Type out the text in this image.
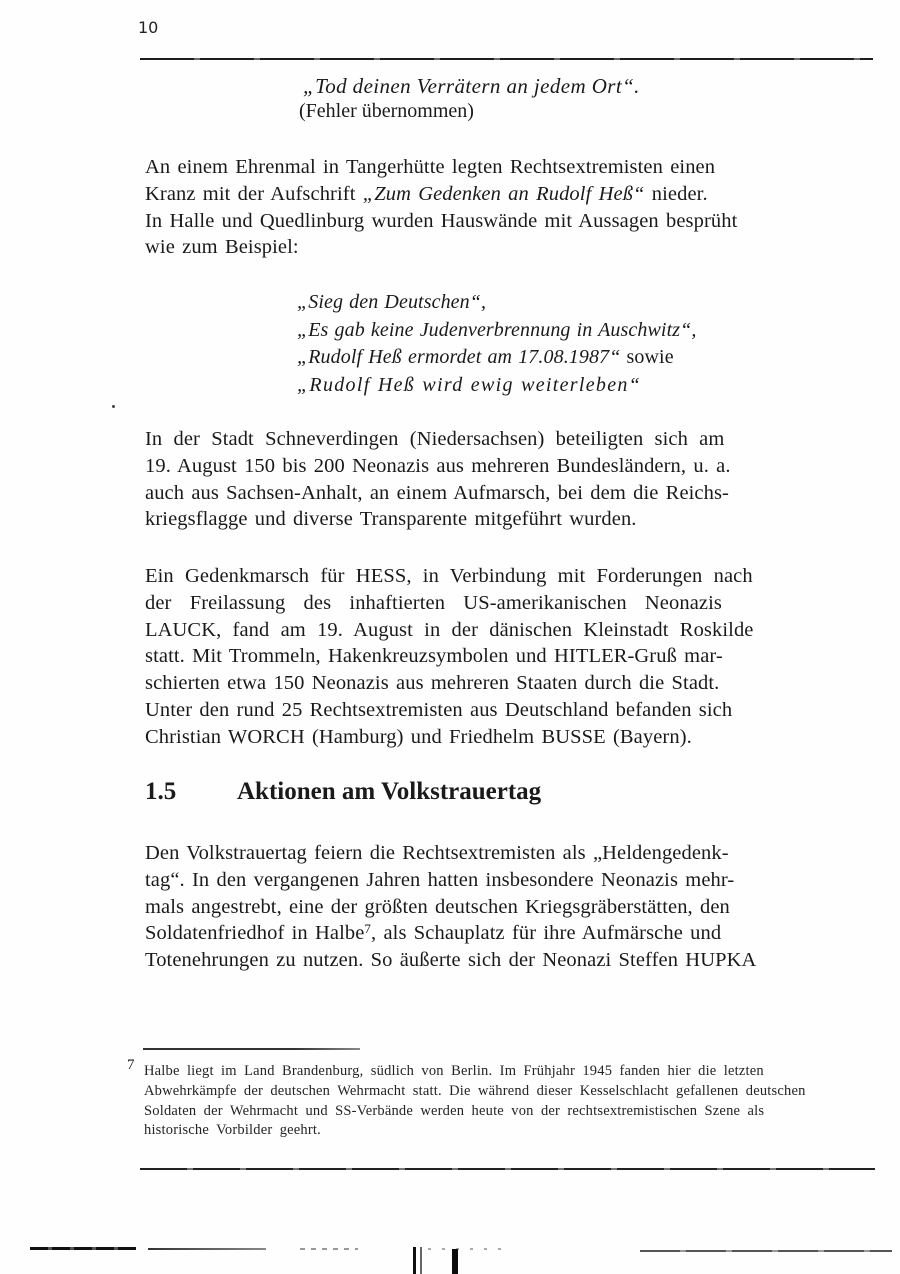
10
„Tod deinen Verrätern an jedem Ort“.
(Fehler übernommen)
An einem Ehrenmal in Tangerhütte legten Rechtsextremisten einen
Kranz mit der Aufschrift „Zum Gedenken an Rudolf Heß“ nieder.
In Halle und Quedlinburg wurden Hauswände mit Aussagen besprüht
wie zum Beispiel:
„Sieg den Deutschen“,
„Es gab keine Judenverbrennung in Auschwitz“,
„Rudolf Heß ermordet am 17.08.1987“ sowie
„Rudolf Heß wird ewig weiterleben“
In der Stadt Schneverdingen (Niedersachsen) beteiligten sich am
19. August 150 bis 200 Neonazis aus mehreren Bundesländern, u. a.
auch aus Sachsen-Anhalt, an einem Aufmarsch, bei dem die Reichs-
kriegsflagge und diverse Transparente mitgeführt wurden.
Ein Gedenkmarsch für HESS, in Verbindung mit Forderungen nach
der Freilassung des inhaftierten US-amerikanischen Neonazis
LAUCK, fand am 19. August in der dänischen Kleinstadt Roskilde
statt. Mit Trommeln, Hakenkreuzsymbolen und HITLER-Gruß mar-
schierten etwa 150 Neonazis aus mehreren Staaten durch die Stadt.
Unter den rund 25 Rechtsextremisten aus Deutschland befanden sich
Christian WORCH (Hamburg) und Friedhelm BUSSE (Bayern).
1.5 Aktionen am Volkstrauertag
Den Volkstrauertag feiern die Rechtsextremisten als „Heldengedenk-
tag“. In den vergangenen Jahren hatten insbesondere Neonazis mehr-
mals angestrebt, eine der größten deutschen Kriegsgräberstätten, den
Soldatenfriedhof in Halbe$^7$, als Schauplatz für ihre Aufmärsche und
Totenehrungen zu nutzen. So äußerte sich der Neonazi Steffen HUPKA
7 Halbe liegt im Land Brandenburg, südlich von Berlin. Im Frühjahr 1945 fanden hier die letzten
Abwehrkämpfe der deutschen Wehrmacht statt. Die während dieser Kesselschlacht gefallenen deutschen
Soldaten der Wehrmacht und SS-Verbände werden heute von der rechtsextremistischen Szene als
historische Vorbilder geehrt.
